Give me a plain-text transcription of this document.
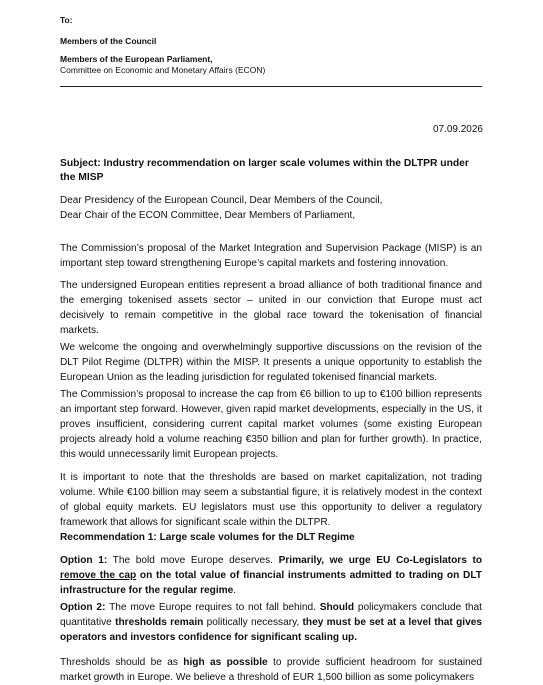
To:
Members of the Council
Members of the European Parliament,
Committee on Economic and Monetary Affairs (ECON)
07.09.2026
Subject: Industry recommendation on larger scale volumes within the DLTPR under the MISP
Dear Presidency of the European Council, Dear Members of the Council,
Dear Chair of the ECON Committee, Dear Members of Parliament,

The Commission’s proposal of the Market Integration and Supervision Package (MISP) is an important step toward strengthening Europe’s capital markets and fostering innovation.

The undersigned European entities represent a broad alliance of both traditional finance and the emerging tokenised assets sector – united in our conviction that Europe must act decisively to remain competitive in the global race toward the tokenisation of financial markets.

We welcome the ongoing and overwhelmingly supportive discussions on the revision of the DLT Pilot Regime (DLTPR) within the MISP. It presents a unique opportunity to establish the European Union as the leading jurisdiction for regulated tokenised financial markets.

The Commission’s proposal to increase the cap from €6 billion to up to €100 billion represents an important step forward. However, given rapid market developments, especially in the US, it proves insufficient, considering current capital market volumes (some existing European projects already hold a volume reaching €350 billion and plan for further growth). In practice, this would unnecessarily limit European projects.

It is important to note that the thresholds are based on market capitalization, not trading volume. While €100 billion may seem a substantial figure, it is relatively modest in the context of global equity markets. EU legislators must use this opportunity to deliver a regulatory framework that allows for significant scale within the DLTPR.

Recommendation 1: Large scale volumes for the DLT Regime

Option 1: The bold move Europe deserves. Primarily, we urge EU Co-Legislators to remove the cap on the total value of financial instruments admitted to trading on DLT infrastructure for the regular regime.

Option 2: The move Europe requires to not fall behind. Should policymakers conclude that quantitative thresholds remain politically necessary, they must be set at a level that gives operators and investors confidence for significant scaling up.

Thresholds should be as high as possible to provide sufficient headroom for sustained market growth in Europe. We believe a threshold of EUR 1,500 billion as some policymakers
